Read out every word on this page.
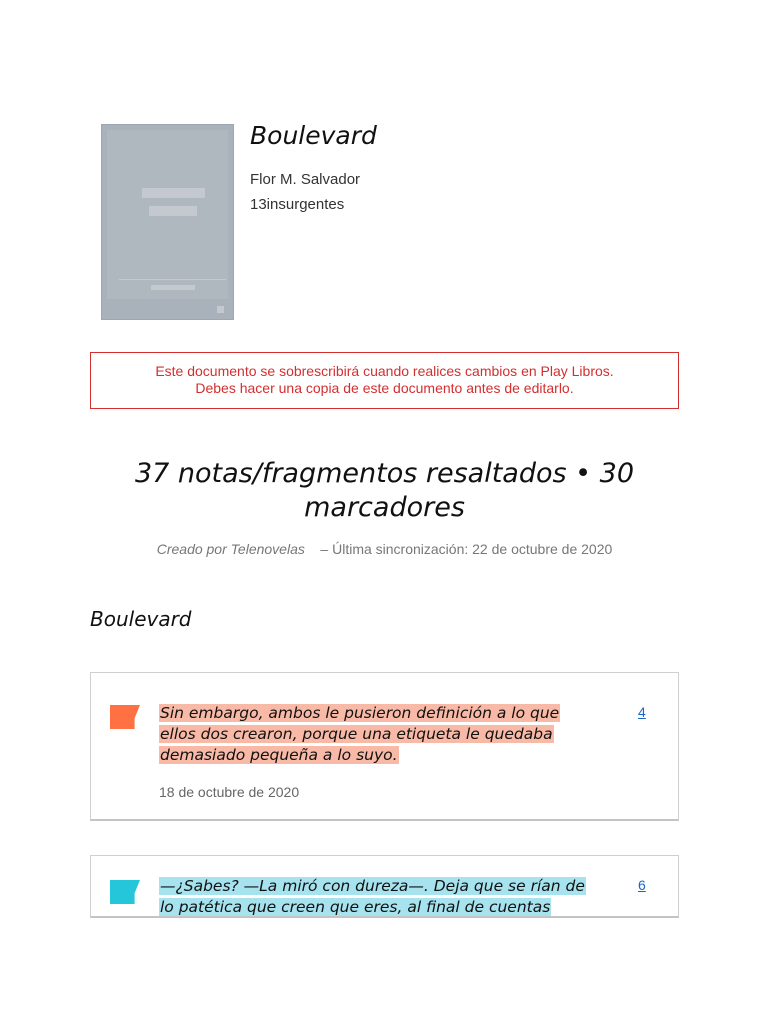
Boulevard
Flor M. Salvador
13insurgentes
Este documento se sobrescribirá cuando realices cambios en Play Libros.
Debes hacer una copia de este documento antes de editarlo.
37 notas/fragmentos resaltados • 30 marcadores
Creado por Telenovelas – Última sincronización: 22 de octubre de 2020
Boulevard
Sin embargo, ambos le pusieron definición a lo que ellos dos crearon, porque una etiqueta le quedaba demasiado pequeña a lo suyo.
4
18 de octubre de 2020
—¿Sabes? —La miró con dureza—. Deja que se rían de lo patética que creen que eres, al final de cuentas
6
